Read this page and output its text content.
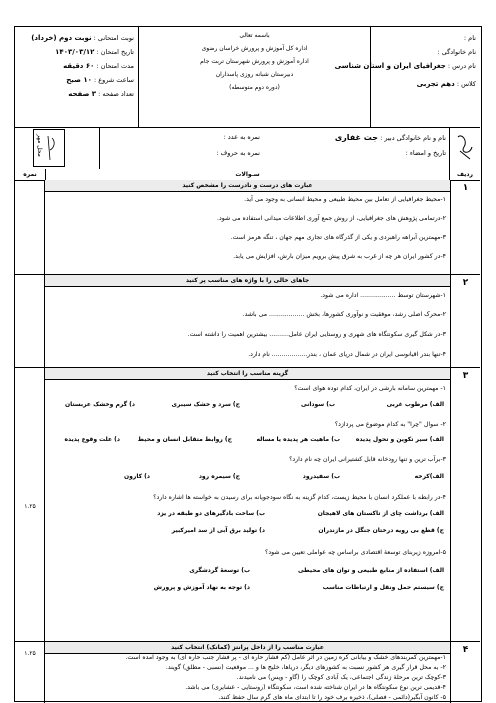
نام :
نام خانوادگی :
نام درس : جغرافیای ایران و استان شناسی
کلاس : دهم تجربی
باسمه تعالی
اداره کل آموزش و پرورش خراسان رضوی
اداره آموزش و پرورش شهرستان تربت جام
دبیرستان شبانه روزی پاسداران
(دوره دوم متوسطه)
نوبت امتحانی : نوبت دوم (خرداد)
تاریخ امتحان : ۱۴۰۳/۰۳/۱۲
مدت امتحان : ۶۰ دقیقه
ساعت شروع : ۱۰ صبح
تعداد صفحه : ۳ صفحه
نام و نام خانوادگی دبیر : جت غفاری
تاریخ و امضاء :
نمره به عدد :
نمره به حروف :
محل مهر
ردیف
سـوالات
نمره
۱
عبارت های درست و نادرست را مشخص کنید
۱-محیط جغرافیایی از تعامل بین محیط طبیعی و محیط انسانی به وجود می آید.
۲-درتمامی پژوهش های جغرافیایی، از روش جمع آوری اطلاعات میدانی استفاده می شود.
۳-مهمترین آبراهه راهبردی و یکی از گذرگاه های تجاری مهم جهان ، تنگه هرمز است.
۴-در کشور ایران هر چه از غرب به شرق پیش برویم میزان بارش، افزایش می یابد.
۲
جاهای خالی را با واژه های مناسب پر کنید
۱-شهرستان توسط .................. اداره می شود.
۲-محرک اصلی رشد، موفقیت و نوآوری کشورها، بخش .................. می باشد.
۳-در شکل گیری سکونتگاه های شهری و روستایی ایران عامل.......... بیشترین اهمیت را داشته است.
۴-تنها بندر اقیانوسی ایران در شمال دریای عمان ، بندر.................. نام دارد.
۳
۱.۲۵
گزینه مناسب را انتخاب کنید
۱- مهمترین سامانه بارشی در ایران، کدام توده هوای است؟
الف) مرطوب غربی
ب) سودانی
ج) سرد و خشک سیبری
د) گرم وخشک عربستان
۲- سوال "چرا" به کدام موضوع می پردازد؟
الف) سیر تکوین و تحول پدیده
ب) ماهیت هر پدیده یا مساله
ج) روابط متقابل انسان و محیط
د) علت وقوع پدیده
۳-برآب ترین و تنها رودخانه قابل کشتیرانی ایران چه نام دارد؟
الف)کرخه
ب) سفیدرود
ج) سیمره رود
د) کارون
۴-در رابطه با عملکرد انسان با محیط زیست، کدام گزینه به نگاه سودجویانه برای رسیدن به خواسته ها اشاره دارد؟
الف) برداشت چای از تاکستان های لاهیجان
ب) ساخت بادگیرهای دو طبقه در یزد
ج) قطع بی رویه درختان جنگل در مازندران
د) تولید برق آبی از سد امیرکبیر
۵-امروزه زیربنای توسعۀ اقتصادی براساس چه عواملی تعیین می شود؟
الف) استفاده از منابع طبیعی و توان های محیطی
ب) توسعۀ گردشگری
ج) سیستم حمل ونقل و ارتباطات مناسب
د) توجه به نهاد آموزش و پرورش
۴
۱.۲۵
عبارت مناسب را از داخل پرانتز (کمانک) انتخاب کنید
۱-مهمترین کمربندهای خشک و بیابانی کره زمین در اثر عامل (کم فشار حاره ای - پر فشار جنب حاره ای) به وجود آمده است.
۲- به محل قرار گیری هر کشور نسبت به کشورهای دیگر، دریاها، خلیج ها و ... موقعیت (نسبی - مطلق) گویند.
۳-کوچک ترین مرحلۀ زندگی اجتماعی، یک آبادی کوچک را (گاو - ویس) می نامیدند.
۴-قدیمی ترین نوع سکونتگاه ها در ایران شناخته شده است، سکونتگاه (روستایی - عشایری) می باشد.
۵- کانون آبگیر(دائمی - فصلی)، ذخیره برف خود را تا ابتدای ماه های گرم سال حفظ کنند.
